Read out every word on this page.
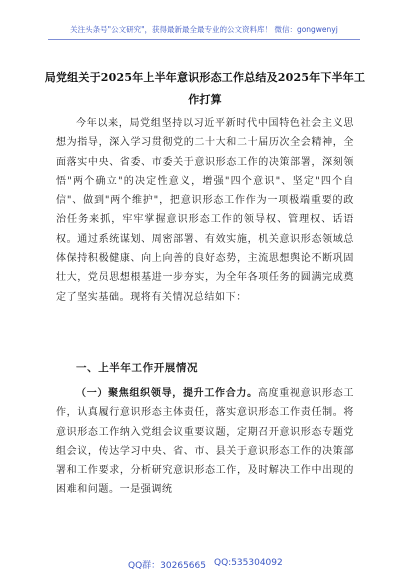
关注头条号"公文研究"，获得最新最全最专业的公文资料库！ 微信：gongwenyj
局党组关于2025年上半年意识形态工作总结及2025年下半年工作打算

今年以来，局党组坚持以习近平新时代中国特色社会主义思想为指导，深入学习贯彻党的二十大和二十届历次全会精神，全面落实中央、省委、市委关于意识形态工作的决策部署，深刻领悟"两个确立"的决定性意义，增强"四个意识"、坚定"四个自信"、做到"两个维护"，把意识形态工作作为一项极端重要的政治任务来抓，牢牢掌握意识形态工作的领导权、管理权、话语权。通过系统谋划、周密部署、有效实施，机关意识形态领域总体保持积极健康、向上向善的良好态势，主流思想舆论不断巩固壮大，党员思想根基进一步夯实，为全年各项任务的圆满完成奠定了坚实基础。现将有关情况总结如下：

一、上半年工作开展情况

（一）聚焦组织领导，提升工作合力。高度重视意识形态工作，认真履行意识形态主体责任，落实意识形态工作责任制。将意识形态工作纳入党组会议重要议题，定期召开意识形态专题党组会议，传达学习中央、省、市、县关于意识形态工作的决策部署和工作要求，分析研究意识形态工作，及时解决工作中出现的困难和问题。一是强调统

QQ群：30265665 QQ:535304092
